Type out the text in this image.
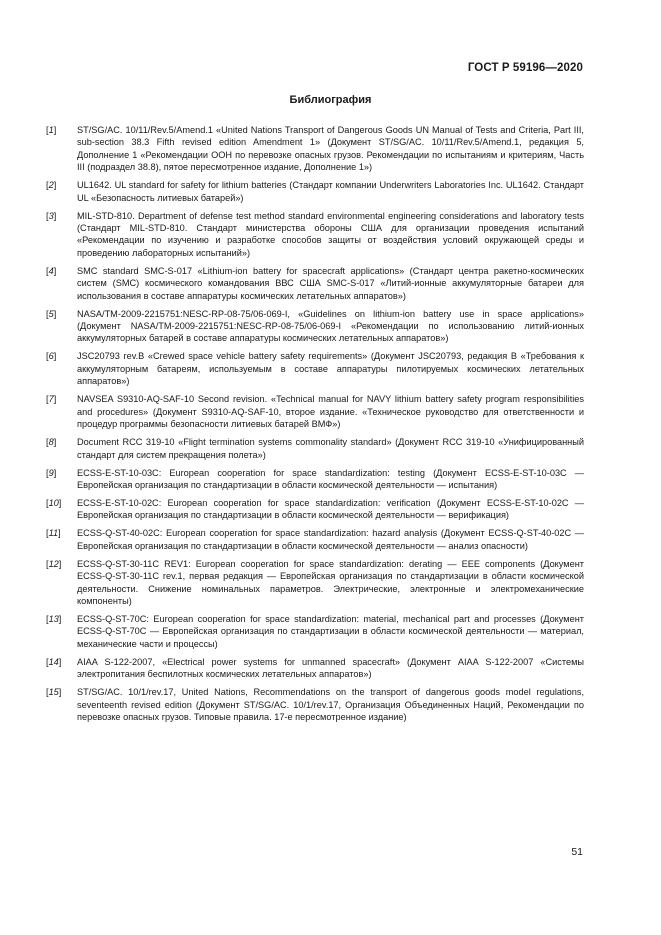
ГОСТ Р 59196—2020
Библиография
[1]	ST/SG/AC. 10/11/Rev.5/Amend.1 «United Nations Transport of Dangerous Goods UN Manual of Tests and Criteria, Part III, sub-section 38.3 Fifth revised edition Amendment 1» (Документ ST/SG/AC. 10/11/Rev.5/Amend.1, редакция 5, Дополнение 1 «Рекомендации ООН по перевозке опасных грузов. Рекомендации по испытаниям и критериям, Часть III (подраздел 38.8), пятое пересмотренное издание, Дополнение 1»)
[2]	UL1642. UL standard for safety for lithium batteries (Стандарт компании Underwriters Laboratories Inc. UL1642. Стандарт UL «Безопасность литиевых батарей»)
[3]	MIL-STD-810. Department of defense test method standard environmental engineering considerations and laboratory tests (Стандарт MIL-STD-810. Стандарт министерства обороны США для организации проведения испытаний «Рекомендации по изучению и разработке способов защиты от воздействия условий окружающей среды и проведению лабораторных испытаний»)
[4]	SMC standard SMC-S-017 «Lithium-ion battery for spacecraft applications» (Стандарт центра ракетно-космических систем (SMC) космического командования ВВС США SMC-S-017 «Литий-ионные аккумуляторные батареи для использования в составе аппаратуры космических летательных аппаратов»)
[5]	NASA/TM-2009-2215751:NESC-RP-08-75/06-069-I, «Guidelines on lithium-ion battery use in space applications» (Документ NASA/TM-2009-2215751:NESC-RP-08-75/06-069-I «Рекомендации по использованию литий-ионных аккумуляторных батарей в составе аппаратуры космических летательных аппаратов»)
[6]	JSC20793 rev.B «Crewed space vehicle battery safety requirements» (Документ JSC20793, редакция B «Требования к аккумуляторным батареям, используемым в составе аппаратуры пилотируемых космических летательных аппаратов»)
[7]	NAVSEA S9310-AQ-SAF-10 Second revision. «Technical manual for NAVY lithium battery safety program responsibilities and procedures» (Документ S9310-AQ-SAF-10, второе издание. «Техническое руководство для ответственности и процедур программы безопасности литиевых батарей ВМФ»)
[8]	Document RCC 319-10 «Flight termination systems commonality standard» (Документ RCC 319-10 «Унифицированный стандарт для систем прекращения полета»)
[9]	ECSS-E-ST-10-03C: European cooperation for space standardization: testing (Документ ECSS-E-ST-10-03C — Европейская организация по стандартизации в области космической деятельности — испытания)
[10]	ECSS-E-ST-10-02C: European cooperation for space standardization: verification (Документ ECSS-E-ST-10-02C — Европейская организация по стандартизации в области космической деятельности — верификация)
[11]	ECSS-Q-ST-40-02C: European cooperation for space standardization: hazard analysis (Документ ECSS-Q-ST-40-02C — Европейская организация по стандартизации в области космической деятельности — анализ опасности)
[12]	ECSS-Q-ST-30-11C REV1: European cooperation for space standardization: derating — EEE components (Документ ECSS-Q-ST-30-11C rev.1, первая редакция — Европейская организация по стандартизации в области космической деятельности. Снижение номинальных параметров. Электрические, электронные и электромеханические компоненты)
[13]	ECSS-Q-ST-70C: European cooperation for space standardization: material, mechanical part and processes (Документ ECSS-Q-ST-70C — Европейская организация по стандартизации в области космической деятельности — материал, механические части и процессы)
[14]	AIAA S-122-2007, «Electrical power systems for unmanned spacecraft» (Документ AIAA S-122-2007 «Системы электропитания беспилотных космических летательных аппаратов»)
[15]	ST/SG/AC. 10/1/rev.17, United Nations, Recommendations on the transport of dangerous goods model regulations, seventeenth revised edition (Документ ST/SG/AC. 10/1/rev.17, Организация Объединенных Наций, Рекомендации по перевозке опасных грузов. Типовые правила. 17-е пересмотренное издание)
51
